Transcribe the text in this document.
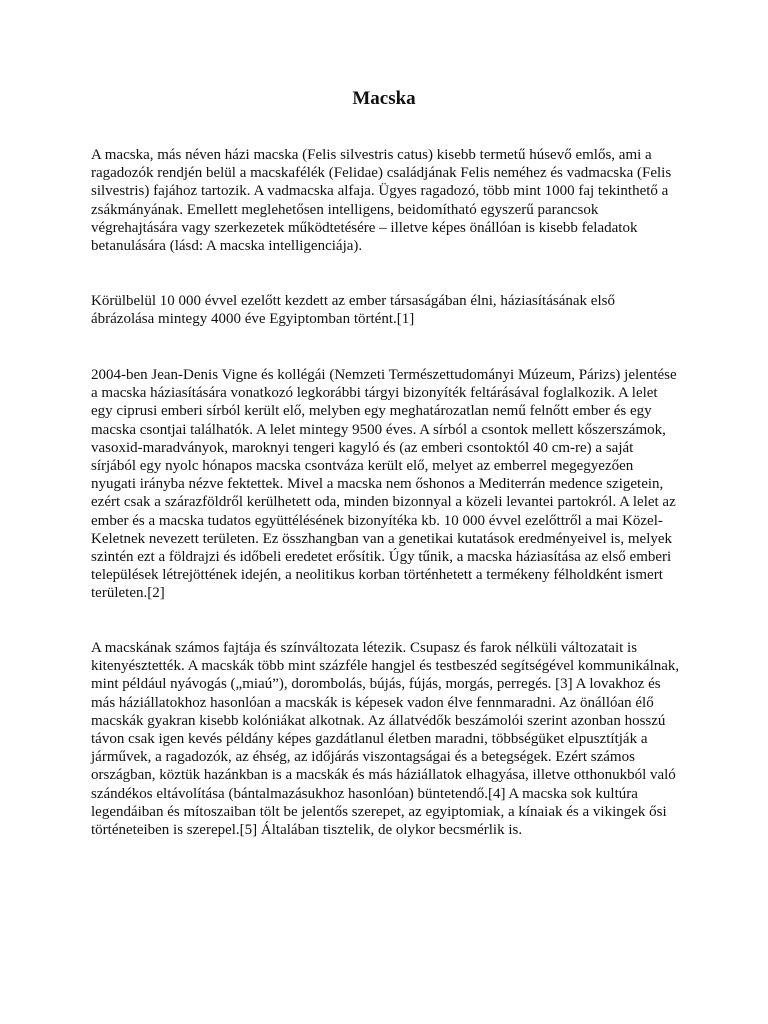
Macska

A macska, más néven házi macska (Felis silvestris catus) kisebb termetű húsevő emlős, ami a ragadozók rendjén belül a macskafélék (Felidae) családjának Felis neméhez és vadmacska (Felis silvestris) fajához tartozik. A vadmacska alfaja. Ügyes ragadozó, több mint 1000 faj tekinthető a zsákmányának. Emellett meglehetősen intelligens, beidomítható egyszerű parancsok végrehajtására vagy szerkezetek működtetésére – illetve képes önállóan is kisebb feladatok betanulására (lásd: A macska intelligenciája).

Körülbelül 10 000 évvel ezelőtt kezdett az ember társaságában élni, háziasításának első ábrázolása mintegy 4000 éve Egyiptomban történt.[1]

2004-ben Jean-Denis Vigne és kollégái (Nemzeti Természettudományi Múzeum, Párizs) jelentése a macska háziasítására vonatkozó legkorábbi tárgyi bizonyíték feltárásával foglalkozik. A lelet egy ciprusi emberi sírból került elő, melyben egy meghatározatlan nemű felnőtt ember és egy macska csontjai találhatók. A lelet mintegy 9500 éves. A sírból a csontok mellett kőszerszámok, vasoxid-maradványok, maroknyi tengeri kagyló és (az emberi csontoktól 40 cm-re) a saját sírjából egy nyolc hónapos macska csontváza került elő, melyet az emberrel megegyezően nyugati irányba nézve fektettek. Mivel a macska nem őshonos a Mediterrán medence szigetein, ezért csak a szárazföldről kerülhetett oda, minden bizonnyal a közeli levantei partokról. A lelet az ember és a macska tudatos együttélésének bizonyítéka kb. 10 000 évvel ezelőttről a mai Közel-Keletnek nevezett területen. Ez összhangban van a genetikai kutatások eredményeivel is, melyek szintén ezt a földrajzi és időbeli eredetet erősítik. Úgy tűnik, a macska háziasítása az első emberi települések létrejöttének idején, a neolitikus korban történhetett a termékeny félholdként ismert területen.[2]

A macskának számos fajtája és színváltozata létezik. Csupasz és farok nélküli változatait is kitenyésztették. A macskák több mint százféle hangjel és testbeszéd segítségével kommunikálnak, mint például nyávogás („miaú”), dorombolás, bújás, fújás, morgás, perregés. [3] A lovakhoz és más háziállatokhoz hasonlóan a macskák is képesek vadon élve fennmaradni. Az önállóan élő macskák gyakran kisebb kolóniákat alkotnak. Az állatvédők beszámolói szerint azonban hosszú távon csak igen kevés példány képes gazdátlanul életben maradni, többségüket elpusztítják a járművek, a ragadozók, az éhség, az időjárás viszontagságai és a betegségek. Ezért számos országban, köztük hazánkban is a macskák és más háziállatok elhagyása, illetve otthonukból való szándékos eltávolítása (bántalmazásukhoz hasonlóan) büntetendő.[4] A macska sok kultúra legendáiban és mítoszaiban tölt be jelentős szerepet, az egyiptomiak, a kínaiak és a vikingek ősi történeteiben is szerepel.[5] Általában tisztelik, de olykor becsmérlik is.
